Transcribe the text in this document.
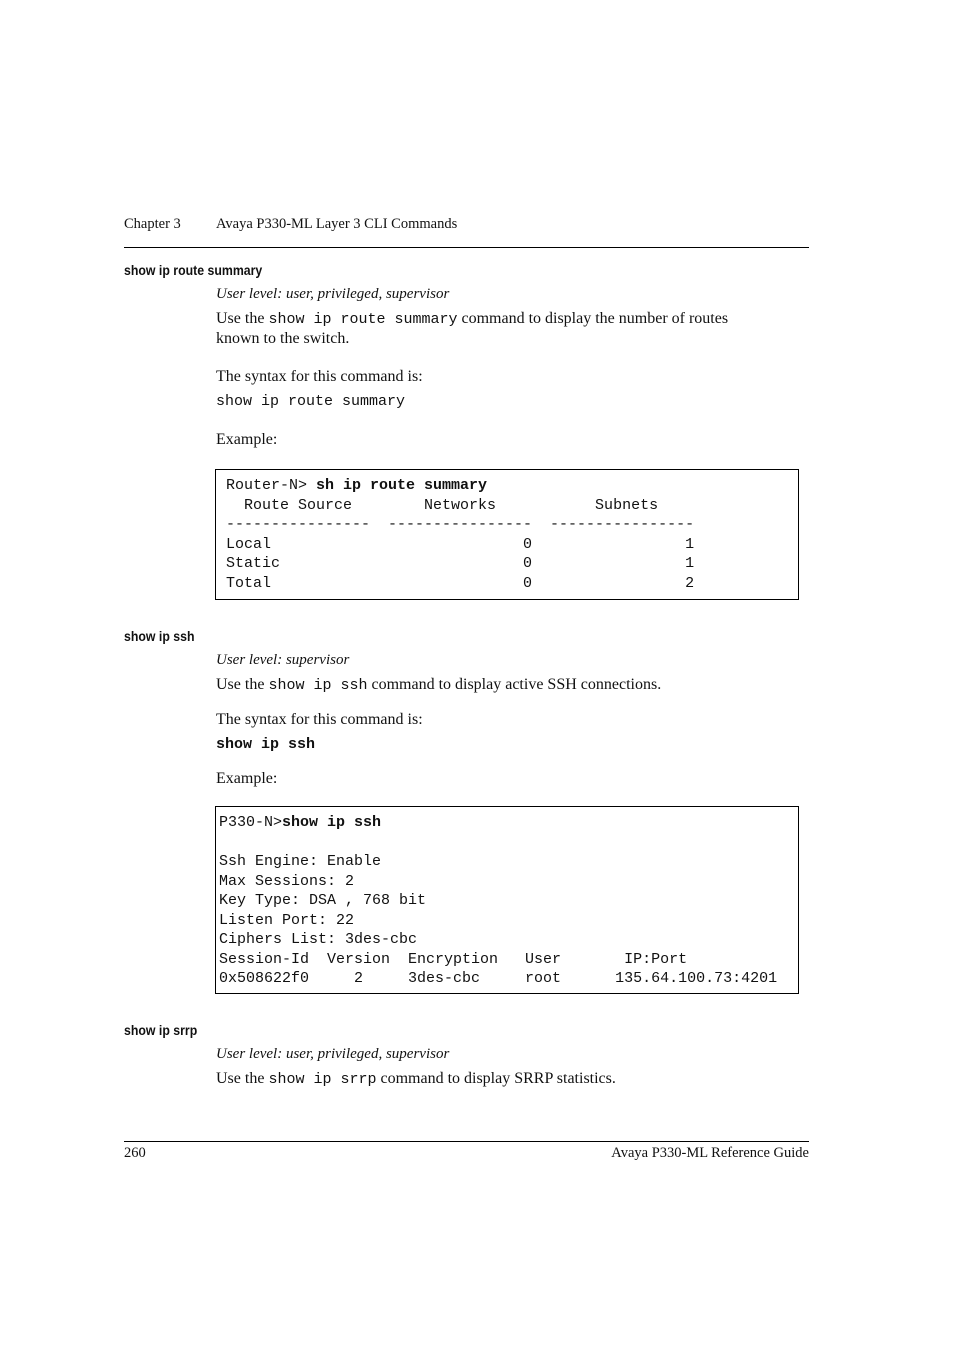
Chapter 3 Avaya P330-ML Layer 3 CLI Commands
show ip route summary
User level: user, privileged, supervisor
Use the show ip route summary command to display the number of routes
known to the switch.
The syntax for this command is:
show ip route summary
Example:
Router-N> sh ip route summary
Route Source        Networks           Subnets
----------------  ----------------  ----------------
Local                            0                 1
Static                           0                 1
Total                            0                 2
show ip ssh
User level: supervisor
Use the show ip ssh command to display active SSH connections.
The syntax for this command is:
show ip ssh
Example:
P330-N>show ip ssh

Ssh Engine: Enable
Max Sessions: 2
Key Type: DSA , 768 bit
Listen Port: 22
Ciphers List: 3des-cbc
Session-Id  Version  Encryption   User       IP:Port
0x508622f0     2     3des-cbc     root      135.64.100.73:4201
show ip srrp
User level: user, privileged, supervisor
Use the show ip srrp command to display SRRP statistics.
260	Avaya P330-ML Reference Guide
